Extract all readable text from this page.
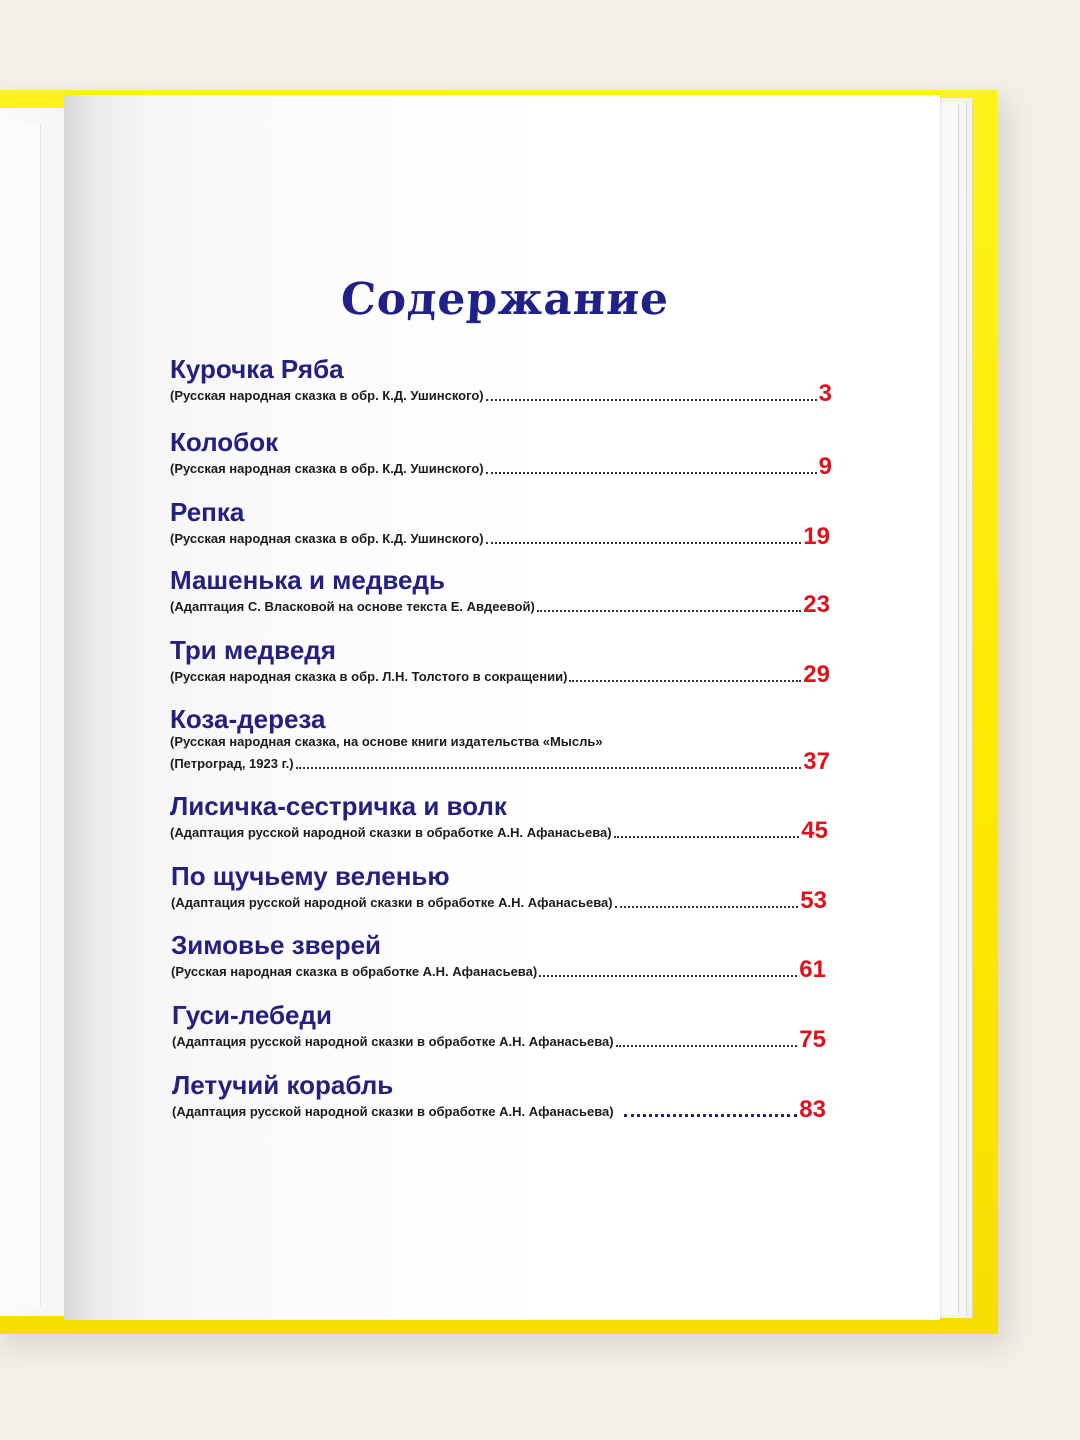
Содержание
Курочка Ряба
(Русская народная сказка в обр. К.Д. Ушинского)	3
Колобок
(Русская народная сказка в обр. К.Д. Ушинского)	9
Репка
(Русская народная сказка в обр. К.Д. Ушинского)	19
Машенька и медведь
(Адаптация С. Власковой на основе текста Е. Авдеевой)	23
Три медведя
(Русская народная сказка в обр. Л.Н. Толстого в сокращении)	29
Коза-дереза
(Русская народная сказка, на основе книги издательства «Мысль»
(Петроград, 1923 г.)	37
Лисичка-сестричка и волк
(Адаптация русской народной сказки в обработке А.Н. Афанасьева)	45
По щучьему веленью
(Адаптация русской народной сказки в обработке А.Н. Афанасьева)	53
Зимовье зверей
(Русская народная сказка в обработке А.Н. Афанасьева)	61
Гуси-лебеди
(Адаптация русской народной сказки в обработке А.Н. Афанасьева)	75
Летучий корабль
(Адаптация русской народной сказки в обработке А.Н. Афанасьева)	83
